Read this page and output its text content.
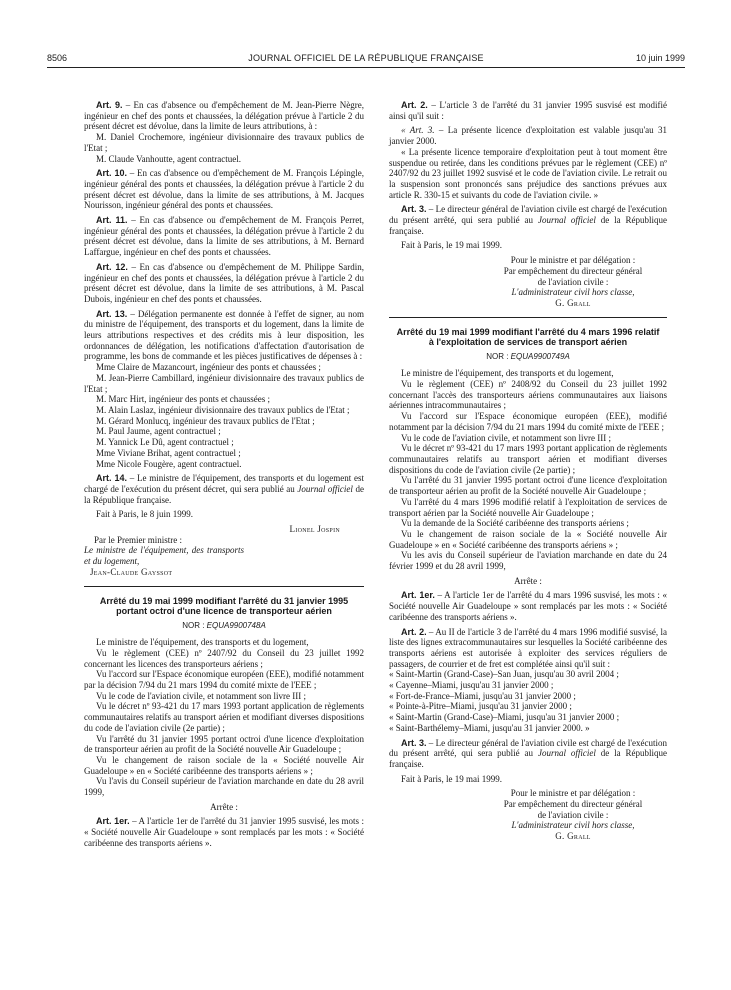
8506	JOURNAL OFFICIEL DE LA RÉPUBLIQUE FRANÇAISE	10 juin 1999

Art. 9. – En cas d'absence ou d'empêchement de M. Jean-Pierre Nègre, ingénieur en chef des ponts et chaussées, la délégation prévue à l'article 2 du présent décret est dévolue, dans la limite de leurs attributions, à :

M. Daniel Crochemore, ingénieur divisionnaire des travaux publics de l'Etat ;

M. Claude Vanhoutte, agent contractuel.

Art. 10. – En cas d'absence ou d'empêchement de M. François Lépingle, ingénieur général des ponts et chaussées, la délégation prévue à l'article 2 du présent décret est dévolue, dans la limite de ses attributions, à M. Jacques Nourisson, ingénieur général des ponts et chaussées.

Art. 11. – En cas d'absence ou d'empêchement de M. François Perret, ingénieur général des ponts et chaussées, la délégation prévue à l'article 2 du présent décret est dévolue, dans la limite de ses attributions, à M. Bernard Laffargue, ingénieur en chef des ponts et chaussées.

Art. 12. – En cas d'absence ou d'empêchement de M. Philippe Sardin, ingénieur en chef des ponts et chaussées, la délégation prévue à l'article 2 du présent décret est dévolue, dans la limite de ses attributions, à M. Pascal Dubois, ingénieur en chef des ponts et chaussées.

Art. 13. – Délégation permanente est donnée à l'effet de signer, au nom du ministre de l'équipement, des transports et du logement, dans la limite de leurs attributions respectives et des crédits mis à leur disposition, les ordonnances de délégation, les notifications d'affectation d'autorisation de programme, les bons de commande et les pièces justificatives de dépenses à :

Mme Claire de Mazancourt, ingénieur des ponts et chaussées ;

M. Jean-Pierre Cambillard, ingénieur divisionnaire des travaux publics de l'Etat ;

M. Marc Hirt, ingénieur des ponts et chaussées ;

M. Alain Laslaz, ingénieur divisionnaire des travaux publics de l'Etat ;

M. Gérard Monlucq, ingénieur des travaux publics de l'Etat ;

M. Paul Jaume, agent contractuel ;

M. Yannick Le Dû, agent contractuel ;

Mme Viviane Brihat, agent contractuel ;

Mme Nicole Fougère, agent contractuel.

Art. 14. – Le ministre de l'équipement, des transports et du logement est chargé de l'exécution du présent décret, qui sera publié au Journal officiel de la République française.

Fait à Paris, le 8 juin 1999.

Lionel Jospin

Par le Premier ministre :

Le ministre de l'équipement, des transports et du logement,

Jean-Claude Gayssot

Arrêté du 19 mai 1999 modifiant l'arrêté du 31 janvier 1995 portant octroi d'une licence de transporteur aérien
NOR : EQUA9900748A

Le ministre de l'équipement, des transports et du logement,

Vu le règlement (CEE) nº 2407/92 du Conseil du 23 juillet 1992 concernant les licences des transporteurs aériens ;

Vu l'accord sur l'Espace économique européen (EEE), modifié notamment par la décision 7/94 du 21 mars 1994 du comité mixte de l'EEE ;

Vu le code de l'aviation civile, et notamment son livre III ;

Vu le décret nº 93-421 du 17 mars 1993 portant application de règlements communautaires relatifs au transport aérien et modifiant diverses dispositions du code de l'aviation civile (2e partie) ;

Vu l'arrêté du 31 janvier 1995 portant octroi d'une licence d'exploitation de transporteur aérien au profit de la Société nouvelle Air Guadeloupe ;

Vu le changement de raison sociale de la « Société nouvelle Air Guadeloupe » en « Société caribéenne des transports aériens » ;

Vu l'avis du Conseil supérieur de l'aviation marchande en date du 28 avril 1999,

Arrête :

Art. 1er. – A l'article 1er de l'arrêté du 31 janvier 1995 susvisé, les mots : « Société nouvelle Air Guadeloupe » sont remplacés par les mots : « Société caribéenne des transports aériens ».

Art. 2. – L'article 3 de l'arrêté du 31 janvier 1995 susvisé est modifié ainsi qu'il suit :

« Art. 3. – La présente licence d'exploitation est valable jusqu'au 31 janvier 2000.

« La présente licence temporaire d'exploitation peut à tout moment être suspendue ou retirée, dans les conditions prévues par le règlement (CEE) nº 2407/92 du 23 juillet 1992 susvisé et le code de l'aviation civile. Le retrait ou la suspension sont prononcés sans préjudice des sanctions prévues aux article R. 330-15 et suivants du code de l'aviation civile. »

Art. 3. – Le directeur général de l'aviation civile est chargé de l'exécution du présent arrêté, qui sera publié au Journal officiel de la République française.

Fait à Paris, le 19 mai 1999.

Pour le ministre et par délégation :

Par empêchement du directeur général

de l'aviation civile :

L'administrateur civil hors classe,

G. Grall

Arrêté du 19 mai 1999 modifiant l'arrêté du 4 mars 1996 relatif à l'exploitation de services de transport aérien
NOR : EQUA9900749A

Le ministre de l'équipement, des transports et du logement,

Vu le règlement (CEE) nº 2408/92 du Conseil du 23 juillet 1992 concernant l'accès des transporteurs aériens communautaires aux liaisons aériennes intracommunautaires ;

Vu l'accord sur l'Espace économique européen (EEE), modifié notamment par la décision 7/94 du 21 mars 1994 du comité mixte de l'EEE ;

Vu le code de l'aviation civile, et notamment son livre III ;

Vu le décret nº 93-421 du 17 mars 1993 portant application de règlements communautaires relatifs au transport aérien et modifiant diverses dispositions du code de l'aviation civile (2e partie) ;

Vu l'arrêté du 31 janvier 1995 portant octroi d'une licence d'exploitation de transporteur aérien au profit de la Société nouvelle Air Guadeloupe ;

Vu l'arrêté du 4 mars 1996 modifié relatif à l'exploitation de services de transport aérien par la Société nouvelle Air Guadeloupe ;

Vu la demande de la Société caribéenne des transports aériens ;

Vu le changement de raison sociale de la « Société nouvelle Air Guadeloupe » en « Société caribéenne des transports aériens » ;

Vu les avis du Conseil supérieur de l'aviation marchande en date du 24 février 1999 et du 28 avril 1999,

Arrête :

Art. 1er. – A l'article 1er de l'arrêté du 4 mars 1996 susvisé, les mots : « Société nouvelle Air Guadeloupe » sont remplacés par les mots : « Société caribéenne des transports aériens ».

Art. 2. – Au II de l'article 3 de l'arrêté du 4 mars 1996 modifié susvisé, la liste des lignes extracommunautaires sur lesquelles la Société caribéenne des transports aériens est autorisée à exploiter des services réguliers de passagers, de courrier et de fret est complétée ainsi qu'il suit :

« Saint-Martin (Grand-Case)–San Juan, jusqu'au 30 avril 2004 ;

« Cayenne–Miami, jusqu'au 31 janvier 2000 ;

« Fort-de-France–Miami, jusqu'au 31 janvier 2000 ;

« Pointe-à-Pitre–Miami, jusqu'au 31 janvier 2000 ;

« Saint-Martin (Grand-Case)–Miami, jusqu'au 31 janvier 2000 ;

« Saint-Barthélemy–Miami, jusqu'au 31 janvier 2000. »

Art. 3. – Le directeur général de l'aviation civile est chargé de l'exécution du présent arrêté, qui sera publié au Journal officiel de la République française.

Fait à Paris, le 19 mai 1999.

Pour le ministre et par délégation :

Par empêchement du directeur général

de l'aviation civile :

L'administrateur civil hors classe,

G. Grall
